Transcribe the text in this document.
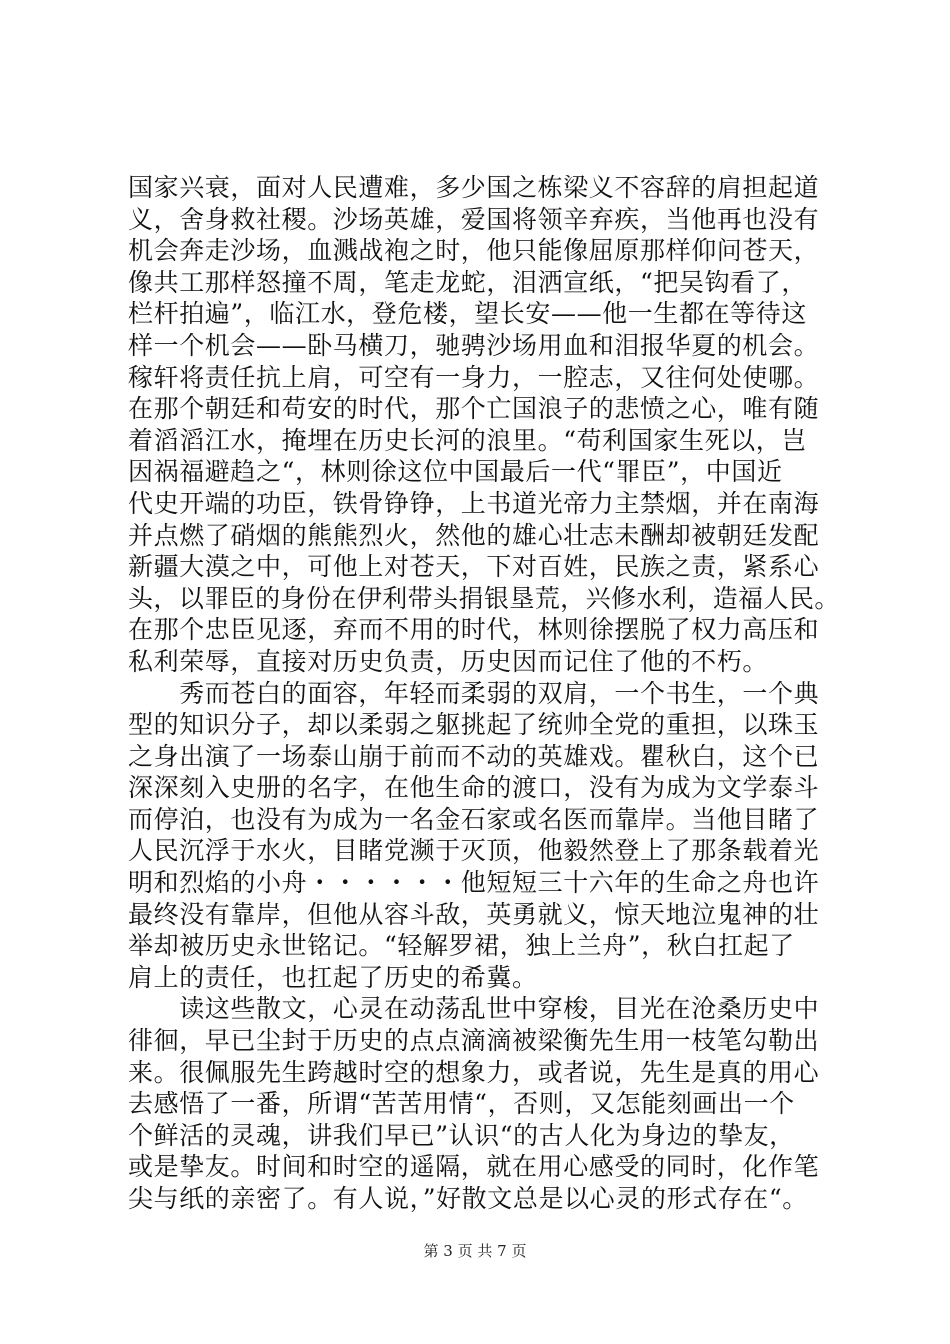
国家兴衰，面对人民遭难，多少国之栋梁义不容辞的肩担起道
义，舍身救社稷。沙场英雄，爱国将领辛弃疾，当他再也没有
机会奔走沙场，血溅战袍之时，他只能像屈原那样仰问苍天，
像共工那样怒撞不周，笔走龙蛇，泪洒宣纸，“把吴钩看了，
栏杆拍遍”，临江水，登危楼，望长安——他一生都在等待这
样一个机会——卧马横刀，驰骋沙场用血和泪报华夏的机会。
稼轩将责任抗上肩，可空有一身力，一腔志，又往何处使哪。
在那个朝廷和苟安的时代，那个亡国浪子的悲愤之心，唯有随
着滔滔江水，掩埋在历史长河的浪里。“苟利国家生死以，岂
因祸福避趋之“，林则徐这位中国最后一代“罪臣”，中国近
代史开端的功臣，铁骨铮铮，上书道光帝力主禁烟，并在南海
并点燃了硝烟的熊熊烈火，然他的雄心壮志未酬却被朝廷发配
新疆大漠之中，可他上对苍天，下对百姓，民族之责，紧系心
头，以罪臣的身份在伊利带头捐银垦荒，兴修水利，造福人民。
在那个忠臣见逐，弃而不用的时代，林则徐摆脱了权力高压和
私利荣辱，直接对历史负责，历史因而记住了他的不朽。
　　秀而苍白的面容，年轻而柔弱的双肩，一个书生，一个典
型的知识分子，却以柔弱之躯挑起了统帅全党的重担，以珠玉
之身出演了一场泰山崩于前而不动的英雄戏。瞿秋白，这个已
深深刻入史册的名字，在他生命的渡口，没有为成为文学泰斗
而停泊，也没有为成为一名金石家或名医而靠岸。当他目睹了
人民沉浮于水火，目睹党濒于灭顶，他毅然登上了那条载着光
明和烈焰的小舟・・・・・・他短短三十六年的生命之舟也许
最终没有靠岸，但他从容斗敌，英勇就义，惊天地泣鬼神的壮
举却被历史永世铭记。“轻解罗裙，独上兰舟”，秋白扛起了
肩上的责任，也扛起了历史的希冀。
　　读这些散文，心灵在动荡乱世中穿梭，目光在沧桑历史中
徘徊，早已尘封于历史的点点滴滴被梁衡先生用一枝笔勾勒出
来。很佩服先生跨越时空的想象力，或者说，先生是真的用心
去感悟了一番，所谓“苦苦用情“，否则，又怎能刻画出一个
个鲜活的灵魂，讲我们早已”认识“的古人化为身边的挚友，
或是挚友。时间和时空的遥隔，就在用心感受的同时，化作笔
尖与纸的亲密了。有人说，”好散文总是以心灵的形式存在“。
第 3 页 共 7 页
